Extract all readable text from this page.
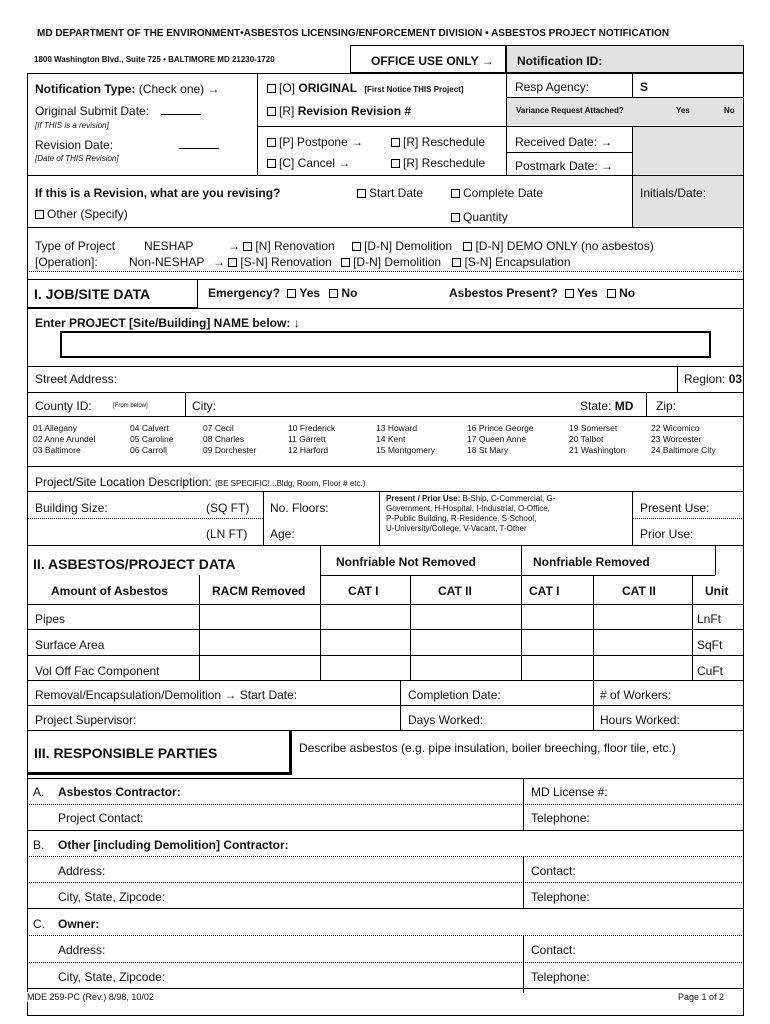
MD DEPARTMENT OF THE ENVIRONMENT•ASBESTOS LICENSING/ENFORCEMENT DIVISION • ASBESTOS PROJECT NOTIFICATION
1800 Washington Blvd., Suite 725 • BALTIMORE MD 21230-1720	OFFICE USE ONLY → Notification ID:
Notification Type: (Check one) →
Original Submit Date:
[If THIS is a revision]
Revision Date:
[Date of THIS Revision]
[O] ORIGINAL [First Notice THIS Project]
[R] Revision Revision #
[P] Postpone →
[C] Cancel →
[R] Reschedule
[R] Reschedule
Resp Agency:	S
Variance Request Attached?	Yes	No
Received Date: →
Postmark Date: →
If this is a Revision, what are you revising?	Start Date	Complete Date
Other (Specify)	Quantity
Initials/Date:
Type of Project
[Operation]:
NESHAP
Non-NESHAP
→ [N] Renovation [D-N] Demolition [D-N] DEMO ONLY (no asbestos)
→ [S-N] Renovation [D-N] Demolition [S-N] Encapsulation
I. JOB/SITE DATA	Emergency? Yes No	Asbestos Present? Yes No
Enter PROJECT [Site/Building] NAME below: ↓
Street Address:	Region: 03
County ID:	[From below]	City:	State: MD Zip:
Project/Site Location Description: (BE SPECIFIC!...Bldg, Room, Floor # etc.)
Building Size:	(SQ FT)
(LN FT)
No. Floors:
Age:
Present / Prior Use: B-Ship, C-Commercial, G-
Government, H-Hospital, I-Industrial, O-Office,
P-Public Building, R-Residence, S-School,
U-University/College, V-Vacant, T-Other
Present Use:
Prior Use:
II. ASBESTOS/PROJECT DATA	Nonfriable Not Removed	Nonfriable Removed
Amount of Asbestos	RACM Removed	CAT I	CAT II	CAT I	CAT II	Unit
Pipes	LnFt
Surface Area	SqFt
Vol Off Fac Component	CuFt
Removal/Encapsulation/Demolition → Start Date:	Completion Date:	# of Workers:
Project Supervisor:	Days Worked:	Hours Worked:
III. RESPONSIBLE PARTIES	Describe asbestos (e.g. pipe insulation, boiler breeching, floor tile, etc.)
A. Asbestos Contractor:	MD License #:
Project Contact:	Telephone:
B. Other [including Demolition] Contractor:
Address:	Contact:
City, State, Zipcode:	Telephone:
C. Owner:
Address:	Contact:
City, State, Zipcode:	Telephone:
MDE 259-PC (Rev.) 8/98, 10/02	Page 1 of 2
01 Allegany
02 Anne Arundel
03 Baltimore
04 Calvert
05 Caroline
06 Carroll
07 Cecil
08 Charles
09 Dorchester
10 Frederick
11 Garrett
12 Harford
13 Howard
14 Kent
15 Montgomery
16 Prince George
17 Queen Anne
18 St Mary
19 Somerset
20 Talbot
21 Washington
22 Wicomico
23 Worcester
24 Baltimore City
